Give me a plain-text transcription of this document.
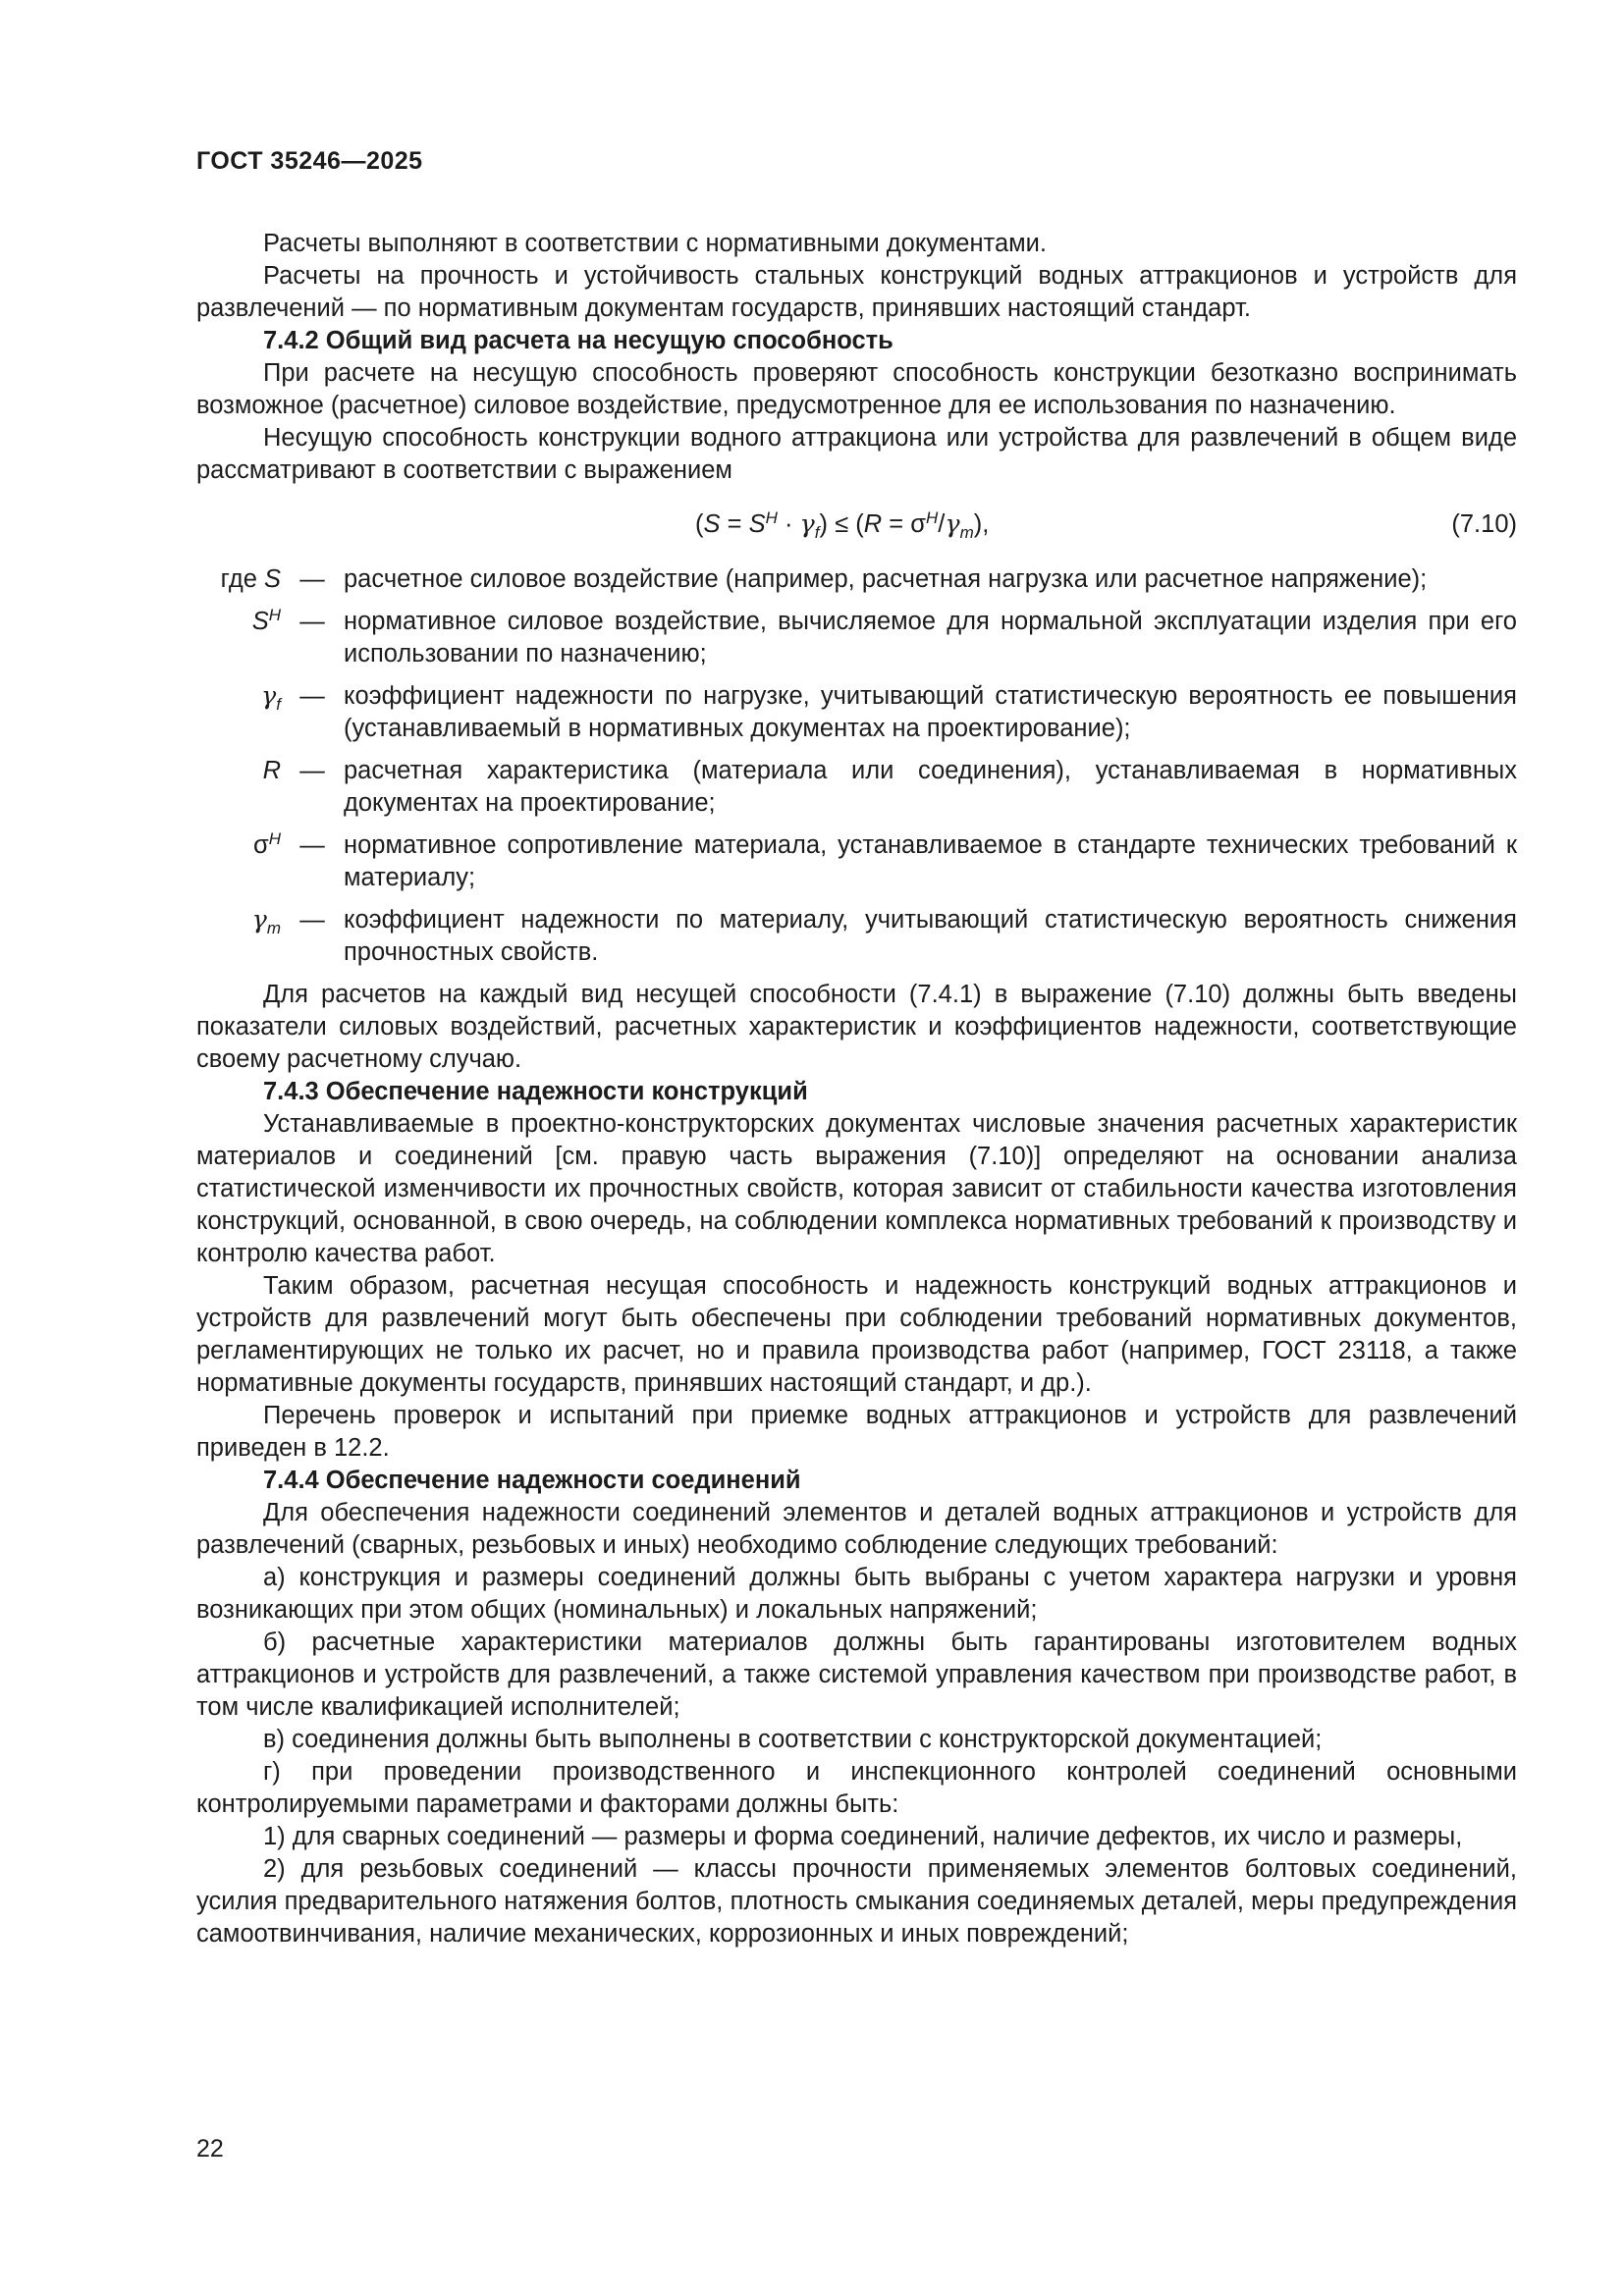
ГОСТ 35246—2025

Расчеты выполняют в соответствии с нормативными документами.

Расчеты на прочность и устойчивость стальных конструкций водных аттракционов и устройств для развлечений — по нормативным документам государств, принявших настоящий стандарт.

7.4.2 Общий вид расчета на несущую способность

При расчете на несущую способность проверяют способность конструкции безотказно воспринимать возможное (расчетное) силовое воздействие, предусмотренное для ее использования по назначению.

Несущую способность конструкции водного аттракциона или устройства для развлечений в общем виде рассматривают в соответствии с выражением

$(S = S^H \cdot \gamma_f) \le (R = \sigma^H/\gamma_m)$,	(7.10)
где S — расчетное силовое воздействие (например, расчетная нагрузка или расчетное напряжение);
$S^H$ — нормативное силовое воздействие, вычисляемое для нормальной эксплуатации изделия при его использовании по назначению;
$\gamma_f$ — коэффициент надежности по нагрузке, учитывающий статистическую вероятность ее повышения (устанавливаемый в нормативных документах на проектирование);
R — расчетная характеристика (материала или соединения), устанавливаемая в нормативных документах на проектирование;
$\sigma^H$ — нормативное сопротивление материала, устанавливаемое в стандарте технических требований к материалу;
$\gamma_m$ — коэффициент надежности по материалу, учитывающий статистическую вероятность снижения прочностных свойств.

Для расчетов на каждый вид несущей способности (7.4.1) в выражение (7.10) должны быть введены показатели силовых воздействий, расчетных характеристик и коэффициентов надежности, соответствующие своему расчетному случаю.

7.4.3 Обеспечение надежности конструкций

Устанавливаемые в проектно-конструкторских документах числовые значения расчетных характеристик материалов и соединений [см. правую часть выражения (7.10)] определяют на основании анализа статистической изменчивости их прочностных свойств, которая зависит от стабильности качества изготовления конструкций, основанной, в свою очередь, на соблюдении комплекса нормативных требований к производству и контролю качества работ.

Таким образом, расчетная несущая способность и надежность конструкций водных аттракционов и устройств для развлечений могут быть обеспечены при соблюдении требований нормативных документов, регламентирующих не только их расчет, но и правила производства работ (например, ГОСТ 23118, а также нормативные документы государств, принявших настоящий стандарт, и др.).

Перечень проверок и испытаний при приемке водных аттракционов и устройств для развлечений приведен в 12.2.

7.4.4 Обеспечение надежности соединений

Для обеспечения надежности соединений элементов и деталей водных аттракционов и устройств для развлечений (сварных, резьбовых и иных) необходимо соблюдение следующих требований:

а) конструкция и размеры соединений должны быть выбраны с учетом характера нагрузки и уровня возникающих при этом общих (номинальных) и локальных напряжений;

б) расчетные характеристики материалов должны быть гарантированы изготовителем водных аттракционов и устройств для развлечений, а также системой управления качеством при производстве работ, в том числе квалификацией исполнителей;

в) соединения должны быть выполнены в соответствии с конструкторской документацией;

г) при проведении производственного и инспекционного контролей соединений основными контролируемыми параметрами и факторами должны быть:

1) для сварных соединений — размеры и форма соединений, наличие дефектов, их число и размеры,

2) для резьбовых соединений — классы прочности применяемых элементов болтовых соединений, усилия предварительного натяжения болтов, плотность смыкания соединяемых деталей, меры предупреждения самоотвинчивания, наличие механических, коррозионных и иных повреждений;

22
